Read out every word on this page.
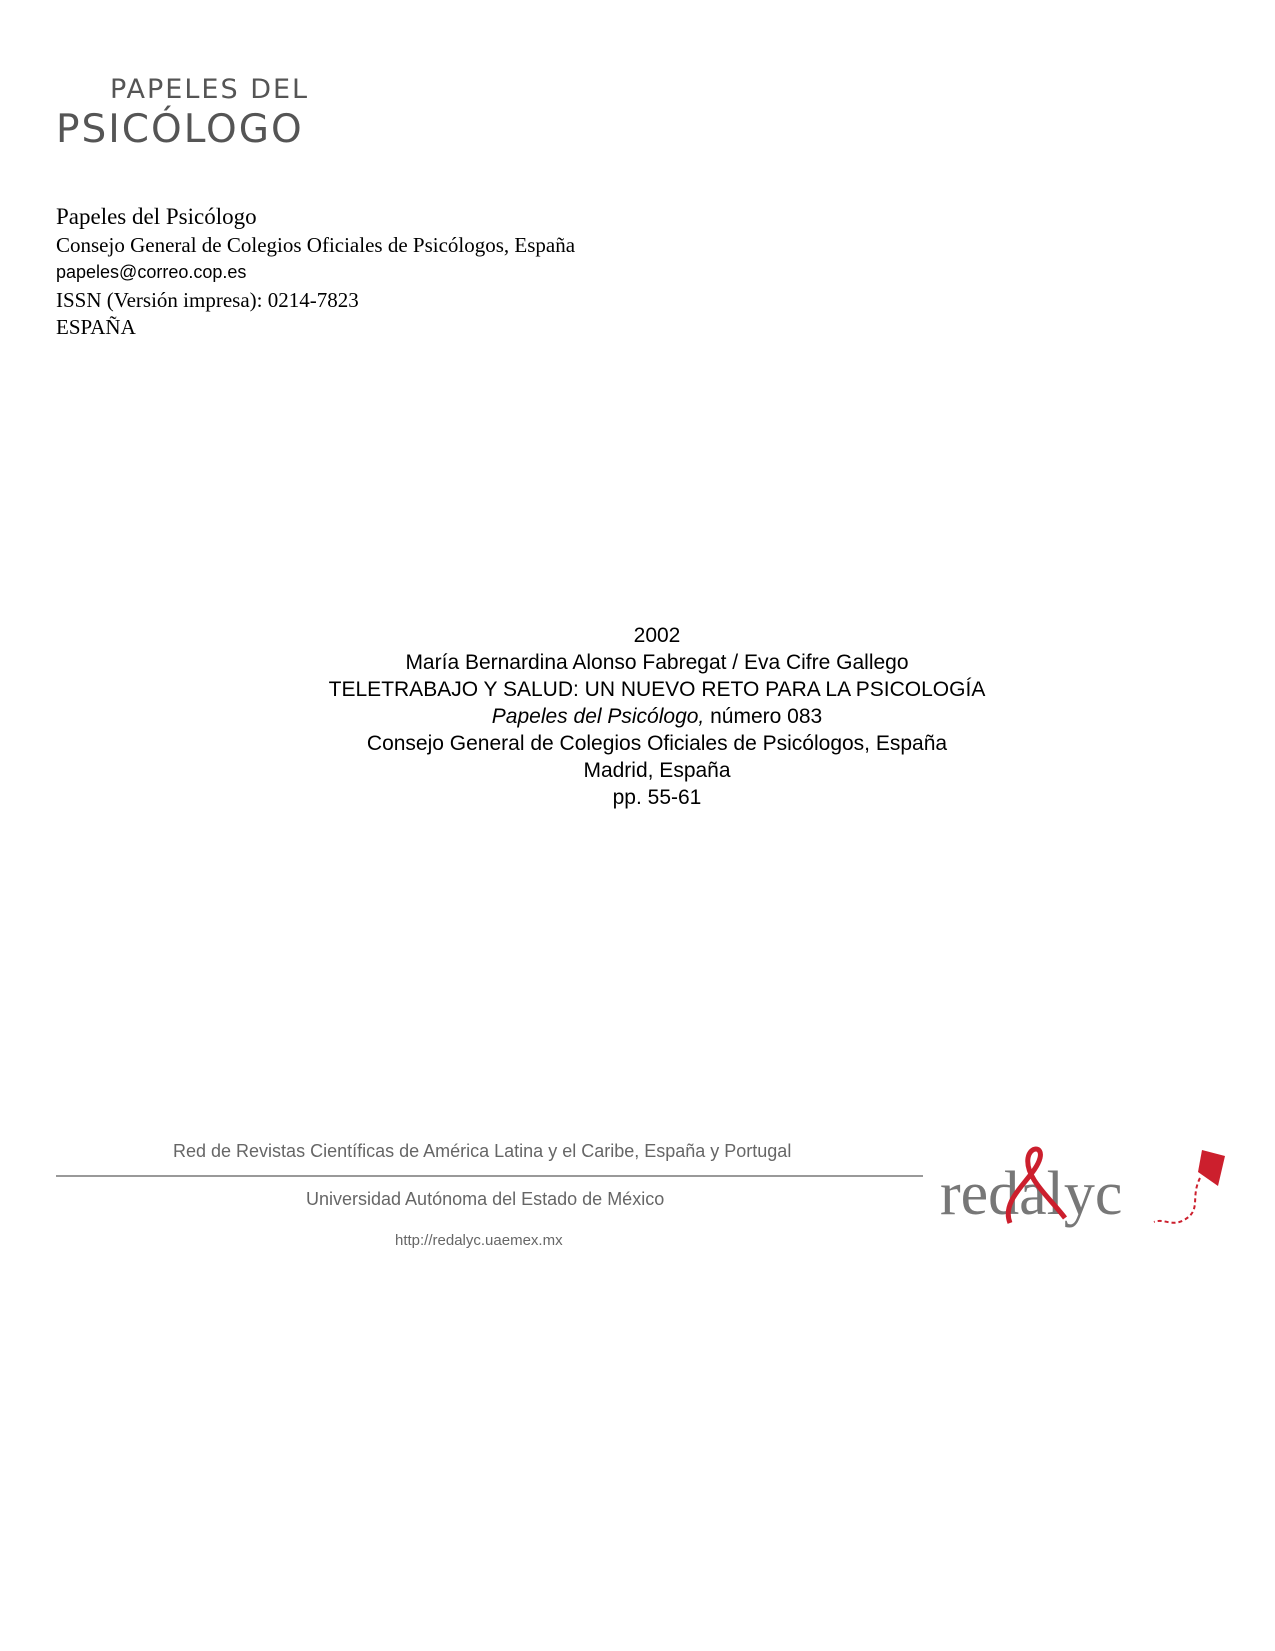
PAPELES DEL
PSICÓLOGO
Papeles del Psicólogo
Consejo General de Colegios Oficiales de Psicólogos, España
papeles@correo.cop.es
ISSN (Versión impresa): 0214-7823
ESPAÑA
2002
María Bernardina Alonso Fabregat / Eva Cifre Gallego
TELETRABAJO Y SALUD: UN NUEVO RETO PARA LA PSICOLOGÍA
Papeles del Psicólogo, número 083
Consejo General de Colegios Oficiales de Psicólogos, España
Madrid, España
pp. 55-61
Red de Revistas Científicas de América Latina y el Caribe, España y Portugal
Universidad Autónoma del Estado de México
http://redalyc.uaemex.mx
redalyc
